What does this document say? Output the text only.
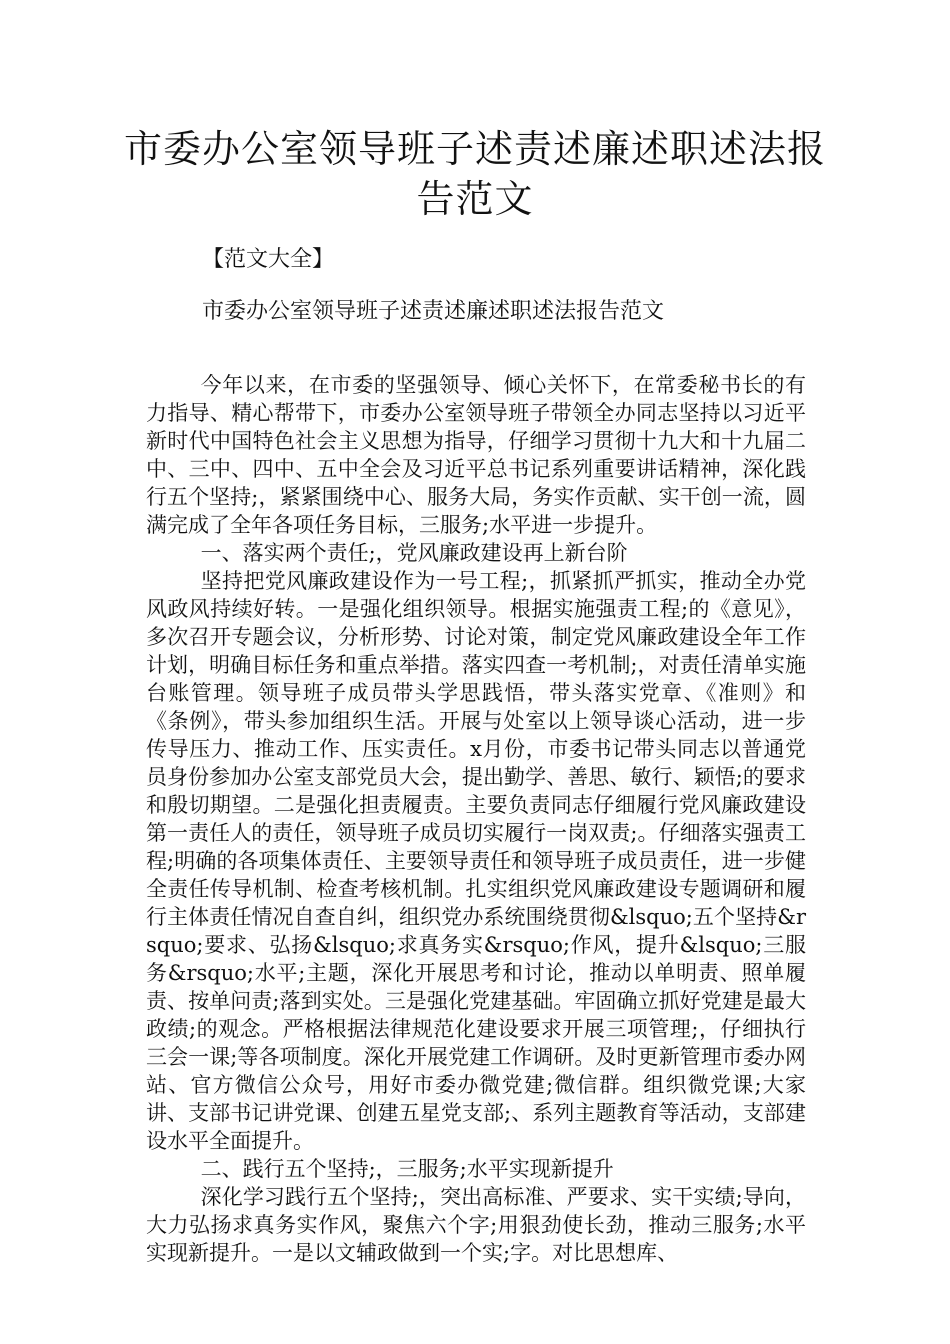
市委办公室领导班子述责述廉述职述法报告范文

【范文大全】

市委办公室领导班子述责述廉述职述法报告范文

今年以来，在市委的坚强领导、倾心关怀下，在常委秘书长的有力指导、精心帮带下，市委办公室领导班子带领全办同志坚持以习近平新时代中国特色社会主义思想为指导，仔细学习贯彻十九大和十九届二中、三中、四中、五中全会及习近平总书记系列重要讲话精神，深化践行五个坚持;，紧紧围绕中心、服务大局，务实作贡献、实干创一流，圆满完成了全年各项任务目标，三服务;水平进一步提升。

一、落实两个责任;，党风廉政建设再上新台阶

坚持把党风廉政建设作为一号工程;，抓紧抓严抓实，推动全办党风政风持续好转。一是强化组织领导。根据实施强责工程;的《意见》，多次召开专题会议，分析形势、讨论对策，制定党风廉政建设全年工作计划，明确目标任务和重点举措。落实四查一考机制;，对责任清单实施台账管理。领导班子成员带头学思践悟，带头落实党章、《准则》和《条例》，带头参加组织生活。开展与处室以上领导谈心活动，进一步传导压力、推动工作、压实责任。x月份，市委书记带头同志以普通党员身份参加办公室支部党员大会，提出勤学、善思、敏行、颖悟;的要求和殷切期望。二是强化担责履责。主要负责同志仔细履行党风廉政建设第一责任人的责任，领导班子成员切实履行一岗双责;。仔细落实强责工程;明确的各项集体责任、主要领导责任和领导班子成员责任，进一步健全责任传导机制、检查考核机制。扎实组织党风廉政建设专题调研和履行主体责任情况自查自纠，组织党办系统围绕贯彻&lsquo;五个坚持&rsquo;要求、弘扬&lsquo;求真务实&rsquo;作风，提升&lsquo;三服务&rsquo;水平;主题，深化开展思考和讨论，推动以单明责、照单履责、按单问责;落到实处。三是强化党建基础。牢固确立抓好党建是最大政绩;的观念。严格根据法律规范化建设要求开展三项管理;，仔细执行三会一课;等各项制度。深化开展党建工作调研。及时更新管理市委办网站、官方微信公众号，用好市委办微党建;微信群。组织微党课;大家讲、支部书记讲党课、创建五星党支部;、系列主题教育等活动，支部建设水平全面提升。

二、践行五个坚持;，三服务;水平实现新提升

深化学习践行五个坚持;，突出高标准、严要求、实干实绩;导向，大力弘扬求真务实作风，聚焦六个字;用狠劲使长劲，推动三服务;水平实现新提升。一是以文辅政做到一个实;字。对比思想库、
